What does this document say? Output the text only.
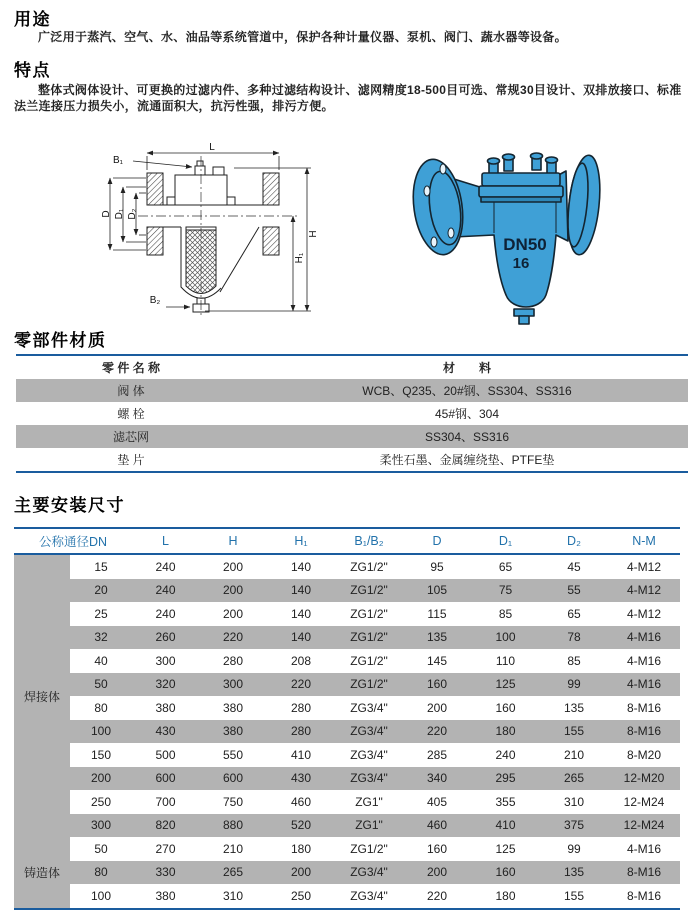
用途

广泛用于蒸汽、空气、水、油品等系统管道中，保护各种计量仪器、泵机、阀门、蔬水器等设备。

特点

整体式阀体设计、可更换的过滤内件、多种过滤结构设计、滤网精度18-500目可选、常规30目设计、双排放接口、标准法兰连接压力损失小，流通面积大，抗污性强，排污方便。

L
B₁
B₂
D D₁ D₂
H
H₁
DN50
16
零部件材质
零 件 名 称	材　　料
阀 体	WCB、Q235、20#钢、SS304、SS316
螺 栓	45#钢、304
滤芯网	SS304、SS316
垫 片	柔性石墨、金属缠绕垫、PTFE垫
主要安装尺寸
公称通径DN		L	H	H₁	B₁/B₂	D	D₁	D₂	N-M
焊接体	15	240	200	140	ZG1/2"	95	65	45	4-M12
	20	240	200	140	ZG1/2"	105	75	55	4-M12
	25	240	200	140	ZG1/2"	115	85	65	4-M12
	32	260	220	140	ZG1/2"	135	100	78	4-M16
	40	300	280	208	ZG1/2"	145	110	85	4-M16
	50	320	300	220	ZG1/2"	160	125	99	4-M16
	80	380	380	280	ZG3/4"	200	160	135	8-M16
	100	430	380	280	ZG3/4"	220	180	155	8-M16
	150	500	550	410	ZG3/4"	285	240	210	8-M20
	200	600	600	430	ZG3/4"	340	295	265	12-M20
	250	700	750	460	ZG1"	405	355	310	12-M24
	300	820	880	520	ZG1"	460	410	375	12-M24
铸造体	50	270	210	180	ZG1/2"	160	125	99	4-M16
	80	330	265	200	ZG3/4"	200	160	135	8-M16
	100	380	310	250	ZG3/4"	220	180	155	8-M16
